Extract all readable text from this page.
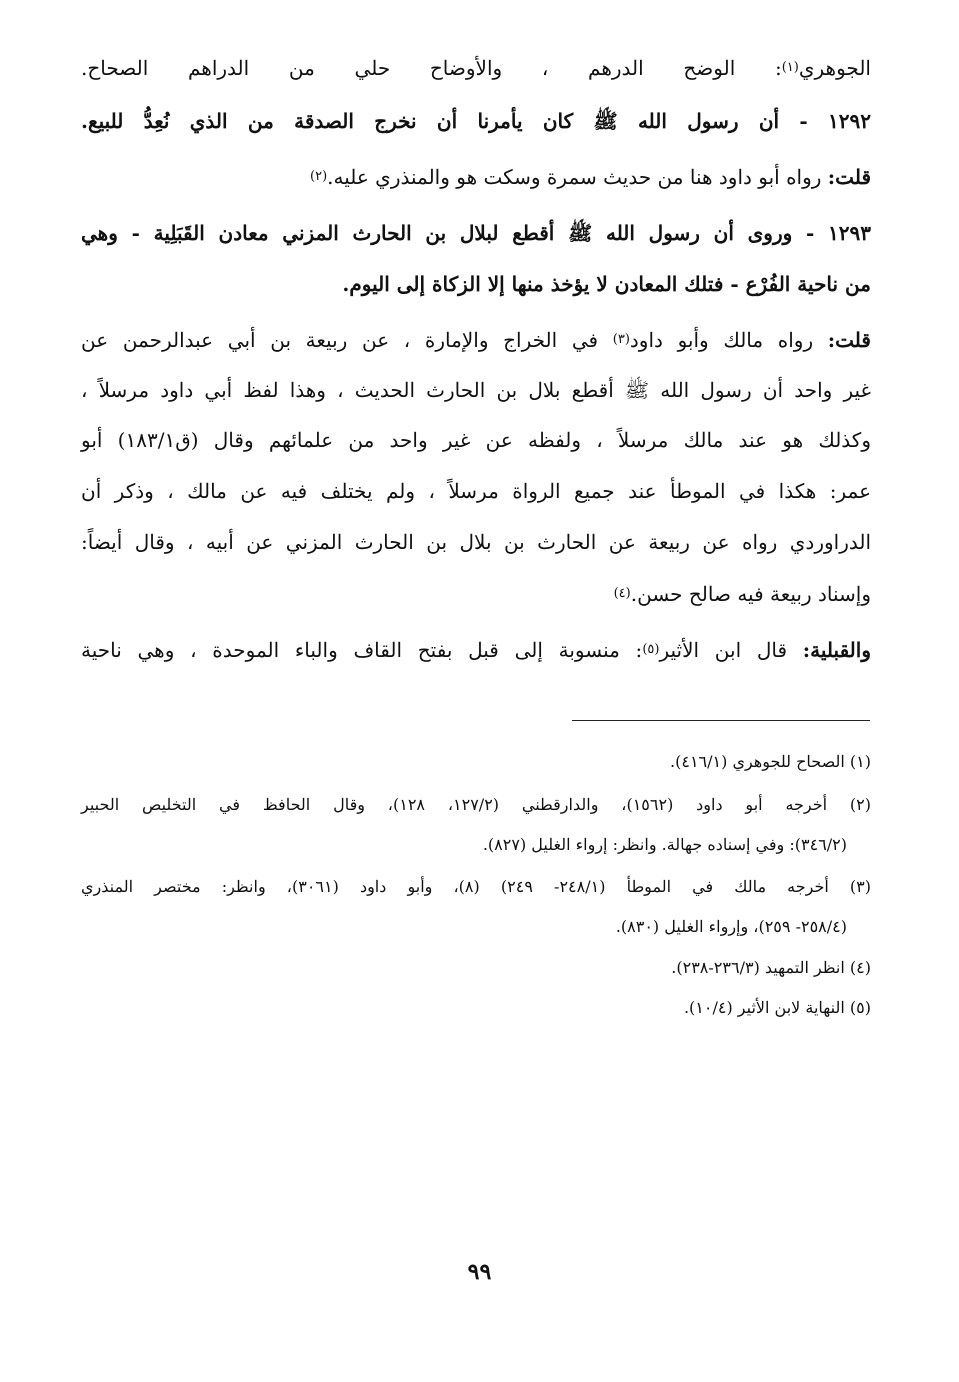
الجوهري$^{(١)}$: الوضح الدرهم ، والأوضاح حلي من الدراهم الصحاح.

١٢٩٢ - أن رسول الله ﷺ كان يأمرنا أن نخرج الصدقة من الذي نُعِدُّ للبيع.

قلت: رواه أبو داود هنا من حديث سمرة وسكت هو والمنذري عليه.$^{(٢)}$

١٢٩٣ - وروى أن رسول الله ﷺ أقطع لبلال بن الحارث المزني معادن القَبَلِية - وهي

من ناحية الفُرْع - فتلك المعادن لا يؤخذ منها إلا الزكاة إلى اليوم.

قلت: رواه مالك وأبو داود$^{(٣)}$ في الخراج والإمارة ، عن ربيعة بن أبي عبدالرحمن عن

غير واحد أن رسول الله ﷺ أقطع بلال بن الحارث الحديث ، وهذا لفظ أبي داود مرسلاً ،

وكذلك هو عند مالك مرسلاً ، ولفظه عن غير واحد من علمائهم وقال (ق١٨٣/١) أبو

عمر: هكذا في الموطأ عند جميع الرواة مرسلاً ، ولم يختلف فيه عن مالك ، وذكر أن

الدراوردي رواه عن ربيعة عن الحارث بن بلال بن الحارث المزني عن أبيه ، وقال أيضاً:

وإسناد ربيعة فيه صالح حسن.$^{(٤)}$

والقبلية: قال ابن الأثير$^{(٥)}$: منسوبة إلى قبل بفتح القاف والباء الموحدة ، وهي ناحية

(١) الصحاح للجوهري (٤١٦/١).

(٢) أخرجه أبو داود (١٥٦٢)، والدارقطني (١٢٧/٢، ١٢٨)، وقال الحافظ في التخليص الحبير

(٣٤٦/٢): وفي إسناده جهالة. وانظر: إرواء الغليل (٨٢٧).

(٣) أخرجه مالك في الموطأ (٢٤٨/١- ٢٤٩) (٨)، وأبو داود (٣٠٦١)، وانظر: مختصر المنذري

(٢٥٨/٤- ٢٥٩)، وإرواء الغليل (٨٣٠).

(٤) انظر التمهيد (٢٣٦/٣-٢٣٨).

(٥) النهاية لابن الأثير (١٠/٤).

٩٩
